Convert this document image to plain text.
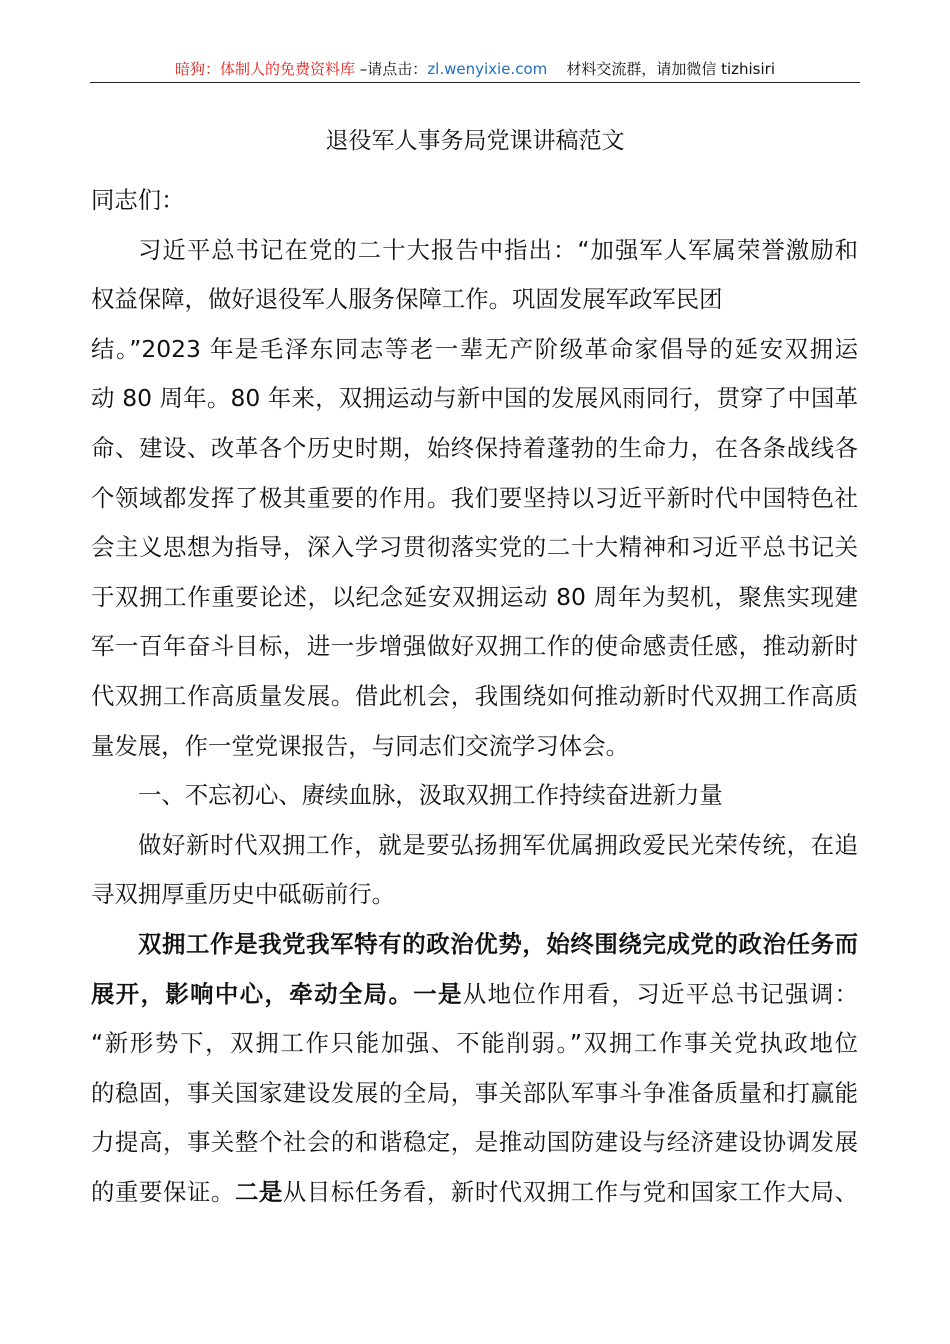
暗狗：体制人的免费资料库 –请点击：zl.wenyixie.com 材料交流群，请加微信 tizhisiri
退役军人事务局党课讲稿范文
同志们：
习近平总书记在党的二十大报告中指出：“加强军人军属荣誉激励和
权益保障，做好退役军人服务保障工作。巩固发展军政军民团
结。”2023 年是毛泽东同志等老一辈无产阶级革命家倡导的延安双拥运
动 80 周年。80 年来，双拥运动与新中国的发展风雨同行，贯穿了中国革
命、建设、改革各个历史时期，始终保持着蓬勃的生命力，在各条战线各
个领域都发挥了极其重要的作用。我们要坚持以习近平新时代中国特色社
会主义思想为指导，深入学习贯彻落实党的二十大精神和习近平总书记关
于双拥工作重要论述，以纪念延安双拥运动 80 周年为契机，聚焦实现建
军一百年奋斗目标，进一步增强做好双拥工作的使命感责任感，推动新时
代双拥工作高质量发展。借此机会，我围绕如何推动新时代双拥工作高质
量发展，作一堂党课报告，与同志们交流学习体会。
一、不忘初心、赓续血脉，汲取双拥工作持续奋进新力量
做好新时代双拥工作，就是要弘扬拥军优属拥政爱民光荣传统，在追
寻双拥厚重历史中砥砺前行。
双拥工作是我党我军特有的政治优势，始终围绕完成党的政治任务而
展开，影响中心，牵动全局。一是从地位作用看，习近平总书记强调：
“新形势下，双拥工作只能加强、不能削弱。”双拥工作事关党执政地位
的稳固，事关国家建设发展的全局，事关部队军事斗争准备质量和打赢能
力提高，事关整个社会的和谐稳定，是推动国防建设与经济建设协调发展
的重要保证。二是从目标任务看，新时代双拥工作与党和国家工作大局、
